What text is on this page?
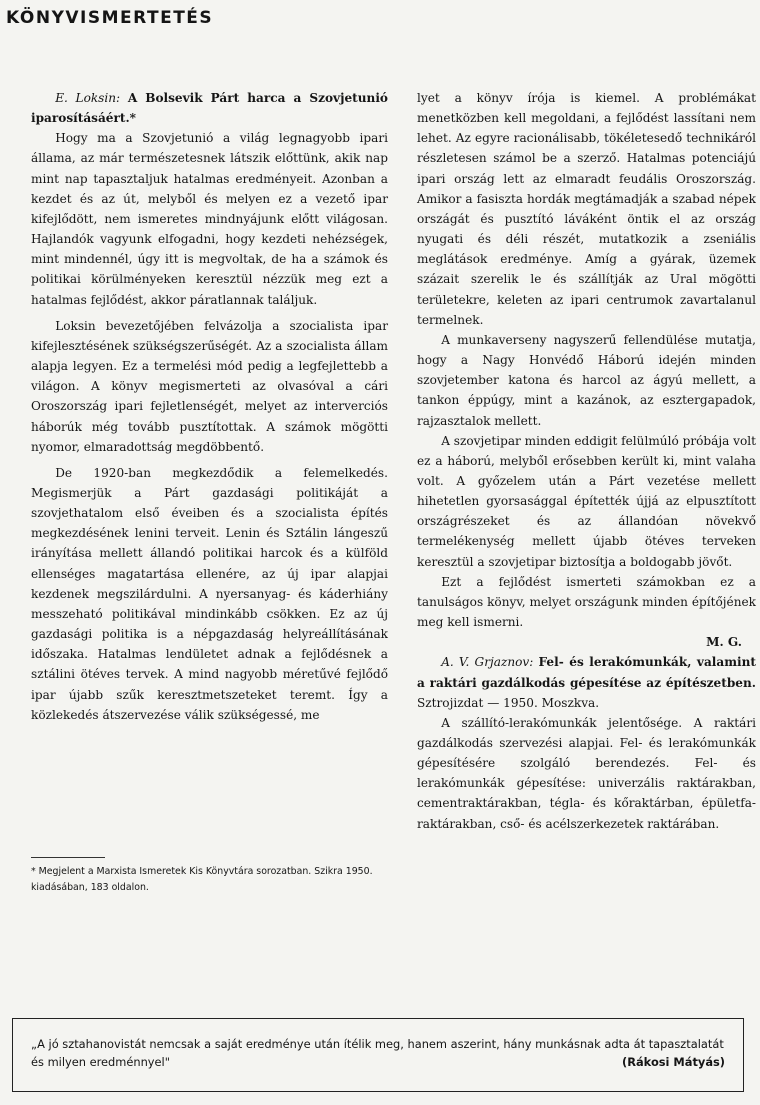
KÖNYVISMERTETÉS

E. Loksin: A Bolsevik Párt harca a Szovjetunió iparosításáért.*

Hogy ma a Szovjetunió a világ legnagyobb ipari állama, az már természetesnek látszik előttünk, akik nap mint nap tapasztaljuk hatalmas eredményeit. Azonban a kezdet és az út, melyből és melyen ez a vezető ipar kifejlődött, nem ismeretes mindnyájunk előtt világosan. Hajlandók vagyunk elfogadni, hogy kezdeti nehézségek, mint mindennél, úgy itt is megvoltak, de ha a számok és politikai körülményeken keresztül nézzük meg ezt a hatalmas fejlődést, akkor páratlannak találjuk.

Loksin bevezetőjében felvázolja a szocialista ipar kifejlesztésének szükségszerűségét. Az a szocialista állam alapja legyen. Ez a termelési mód pedig a legfejlettebb a világon. A könyv megismerteti az olvasóval a cári Oroszország ipari fejletlenségét, melyet az interverciós háborúk még tovább pusztítottak. A számok mögötti nyomor, elmaradottság megdöbbentő.

De 1920-ban megkezdődik a felemelkedés. Megismerjük a Párt gazdasági politikáját a szovjethatalom első éveiben és a szocialista építés megkezdésének lenini terveit. Lenin és Sztálin lángeszű irányítása mellett állandó politikai harcok és a külföld ellenséges magatartása ellenére, az új ipar alapjai kezdenek megszilárdulni. A nyersanyag- és káderhiány messzeható politikával mindinkább csökken. Ez az új gazdasági politika is a népgazdaság helyreállításának időszaka. Hatalmas lendületet adnak a fejlődésnek a sztálini ötéves tervek. A mind nagyobb méretűvé fejlődő ipar újabb szűk keresztmetszeteket teremt. Így a közlekedés átszervezése válik szükségessé, me

lyet a könyv írója is kiemel. A problémákat menetközben kell megoldani, a fejlődést lassítani nem lehet. Az egyre racionálisabb, tökéletesedő technikáról részletesen számol be a szerző. Hatalmas potenciájú ipari ország lett az elmaradt feudális Oroszország. Amikor a fasiszta hordák megtámadják a szabad népek országát és pusztító láváként öntik el az ország nyugati és déli részét, mutatkozik a zseniális meglátások eredménye. Amíg a gyárak, üzemek százait szerelik le és szállítják az Ural mögötti területekre, keleten az ipari centrumok zavartalanul termelnek.

A munkaverseny nagyszerű fellendülése mutatja, hogy a Nagy Honvédő Háború idején minden szovjetember katona és harcol az ágyú mellett, a tankon éppúgy, mint a kazánok, az esztergapadok, rajzasztalok mellett.

A szovjetipar minden eddigit felülmúló próbája volt ez a háború, melyből erősebben került ki, mint valaha volt. A győzelem után a Párt vezetése mellett hihetetlen gyorsasággal építették újjá az elpusztított országrészeket és az állandóan növekvő termelékenység mellett újabb ötéves terveken keresztül a szovjetipar biztosítja a boldogabb jövőt.

Ezt a fejlődést ismerteti számokban ez a tanulságos könyv, melyet országunk minden építőjének meg kell ismerni.

M. G.

A. V. Grjaznov: Fel- és lerakómunkák, valamint a raktári gazdálkodás gépesítése az építészetben. Sztrojizdat — 1950. Moszkva.

A szállító-lerakómunkák jelentősége. A raktári gazdálkodás szervezési alapjai. Fel- és lerakómunkák gépesítésére szolgáló berendezés. Fel- és lerakómunkák gépesítése: univerzális raktárakban, cementraktárakban, tégla- és kőraktárban, épületfa-raktárakban, cső- és acélszerkezetek raktárában.

* Megjelent a Marxista Ismeretek Kis Könyvtára sorozatban. Szikra 1950. kiadásában, 183 oldalon.
„A jó sztahanovistát nemcsak a saját eredménye után ítélik meg, hanem aszerint, hány munkásnak adta át tapasztalatát és milyen eredménnyel"	(Rákosi Mátyás)
